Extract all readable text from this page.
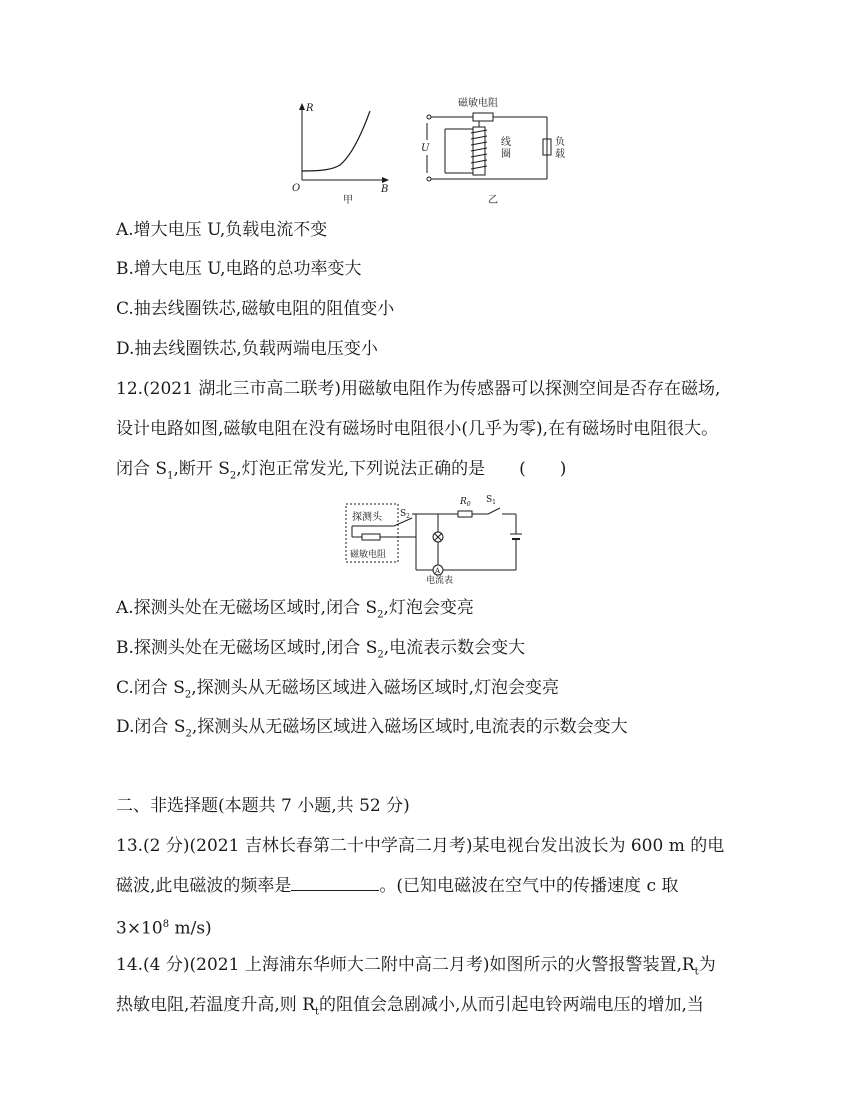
R
B
O
甲
磁敏电阻
U
线
圈
负
载
乙
A.增大电压 U,负载电流不变
B.增大电压 U,电路的总功率变大
C.抽去线圈铁芯,磁敏电阻的阻值变小
D.抽去线圈铁芯,负载两端电压变小
12.(2021 湖北三市高二联考)用磁敏电阻作为传感器可以探测空间是否存在磁场,
设计电路如图,磁敏电阻在没有磁场时电阻很小(几乎为零),在有磁场时电阻很大。
闭合 $S_1$,断开 $S_2$,灯泡正常发光,下列说法正确的是　　(　　)
探测头
磁敏电阻
$S_2$
$R_0$ $S_1$
A
电流表
A.探测头处在无磁场区域时,闭合 $S_2$,灯泡会变亮
B.探测头处在无磁场区域时,闭合 $S_2$,电流表示数会变大
C.闭合 $S_2$,探测头从无磁场区域进入磁场区域时,灯泡会变亮
D.闭合 $S_2$,探测头从无磁场区域进入磁场区域时,电流表的示数会变大
二、非选择题(本题共 7 小题,共 52 分)
13.(2 分)(2021 吉林长春第二十中学高二月考)某电视台发出波长为 600 m 的电
磁波,此电磁波的频率是	。(已知电磁波在空气中的传播速度 c 取
$3\times 10^8$ m/s)
14.(4 分)(2021 上海浦东华师大二附中高二月考)如图所示的火警报警装置$,R_t$为
热敏电阻,若温度升高,则 $R_t$的阻值会急剧减小,从而引起电铃两端电压的增加,当
